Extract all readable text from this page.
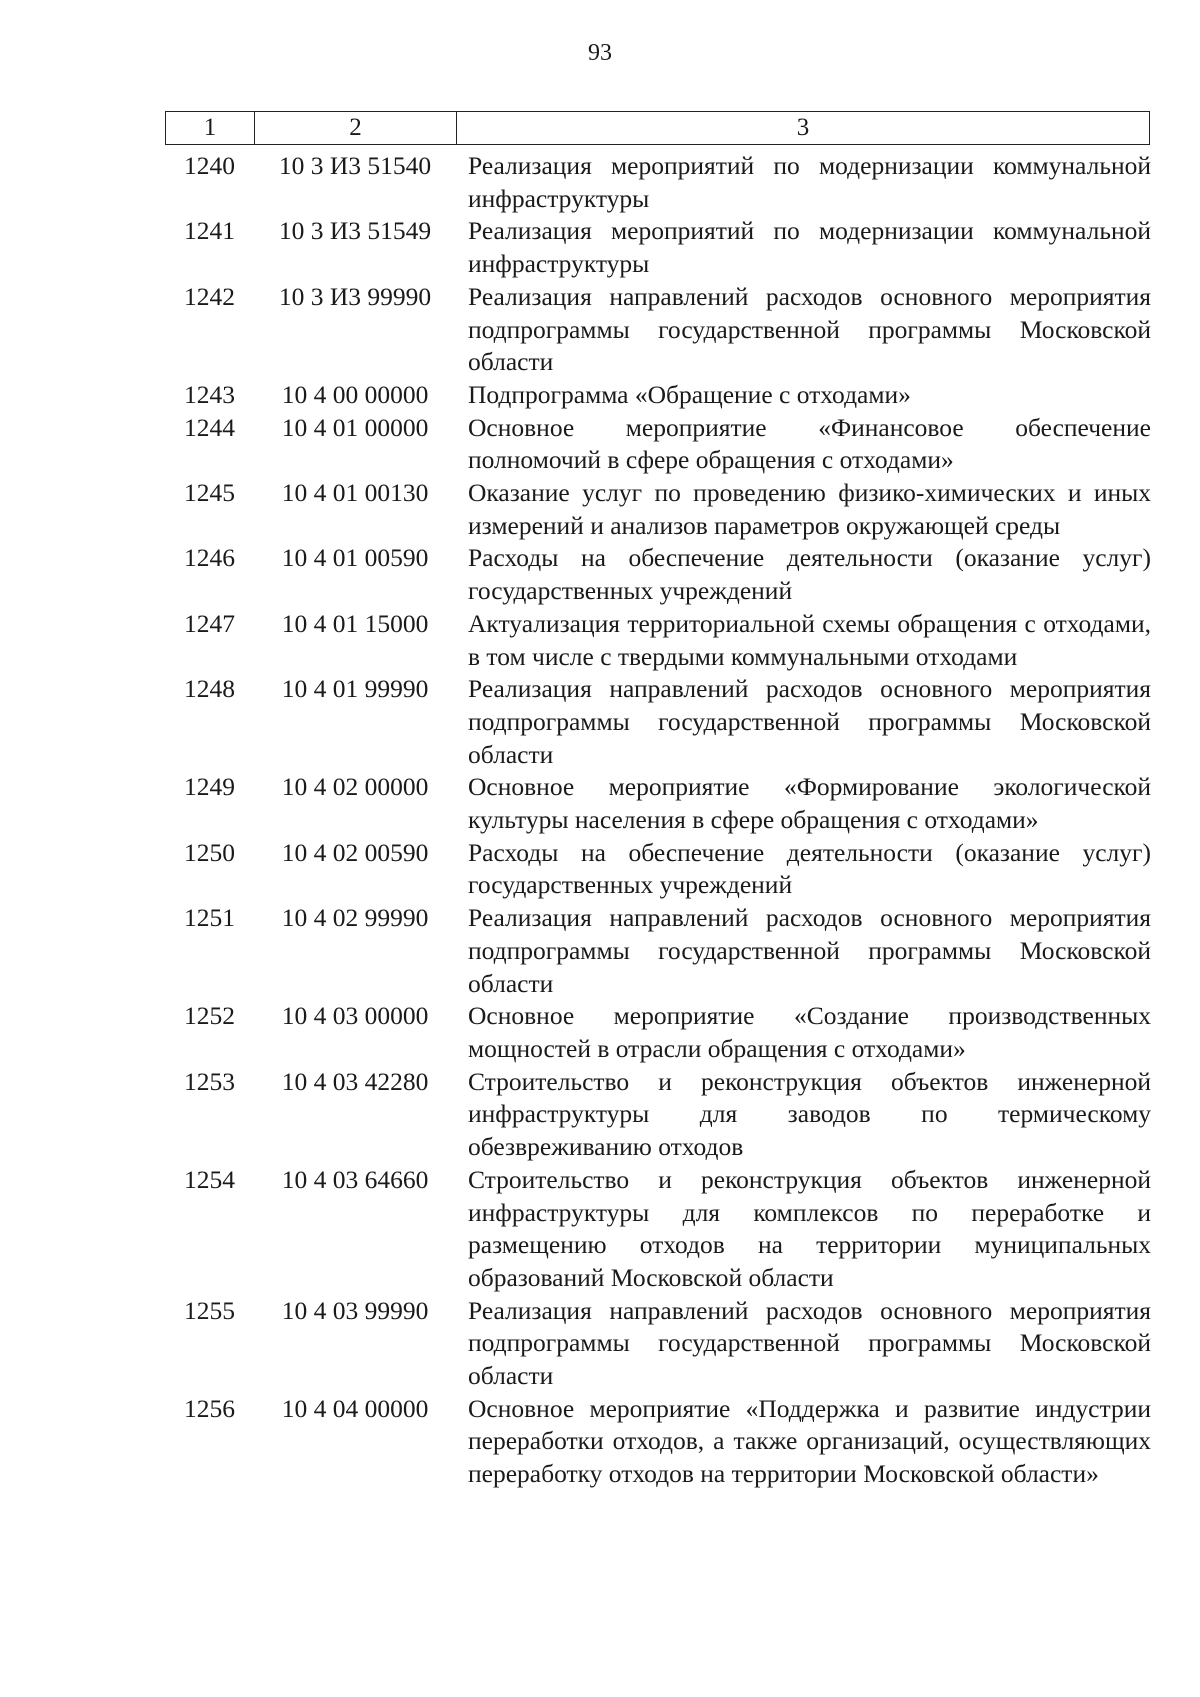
93
1	2	3
1240	10 3 И3 51540	Реализация мероприятий по модернизации коммунальной инфраструктуры
1241	10 3 И3 51549	Реализация мероприятий по модернизации коммунальной инфраструктуры
1242	10 3 И3 99990	Реализация направлений расходов основного мероприятия подпрограммы государственной программы Московской области
1243	10 4 00 00000	Подпрограмма «Обращение с отходами»
1244	10 4 01 00000	Основное мероприятие «Финансовое обеспечение полномочий в сфере обращения с отходами»
1245	10 4 01 00130	Оказание услуг по проведению физико-химических и иных измерений и анализов параметров окружающей среды
1246	10 4 01 00590	Расходы на обеспечение деятельности (оказание услуг) государственных учреждений
1247	10 4 01 15000	Актуализация территориальной схемы обращения с отходами, в том числе с твердыми коммунальными отходами
1248	10 4 01 99990	Реализация направлений расходов основного мероприятия подпрограммы государственной программы Московской области
1249	10 4 02 00000	Основное мероприятие «Формирование экологической культуры населения в сфере обращения с отходами»
1250	10 4 02 00590	Расходы на обеспечение деятельности (оказание услуг) государственных учреждений
1251	10 4 02 99990	Реализация направлений расходов основного мероприятия подпрограммы государственной программы Московской области
1252	10 4 03 00000	Основное мероприятие «Создание производственных мощностей в отрасли обращения с отходами»
1253	10 4 03 42280	Строительство и реконструкция объектов инженерной инфраструктуры для заводов по термическому обезвреживанию отходов
1254	10 4 03 64660	Строительство и реконструкция объектов инженерной инфраструктуры для комплексов по переработке и размещению отходов на территории муниципальных образований Московской области
1255	10 4 03 99990	Реализация направлений расходов основного мероприятия подпрограммы государственной программы Московской области
1256	10 4 04 00000	Основное мероприятие «Поддержка и развитие индустрии переработки отходов, а также организаций, осуществляющих переработку отходов на территории Московской области»
